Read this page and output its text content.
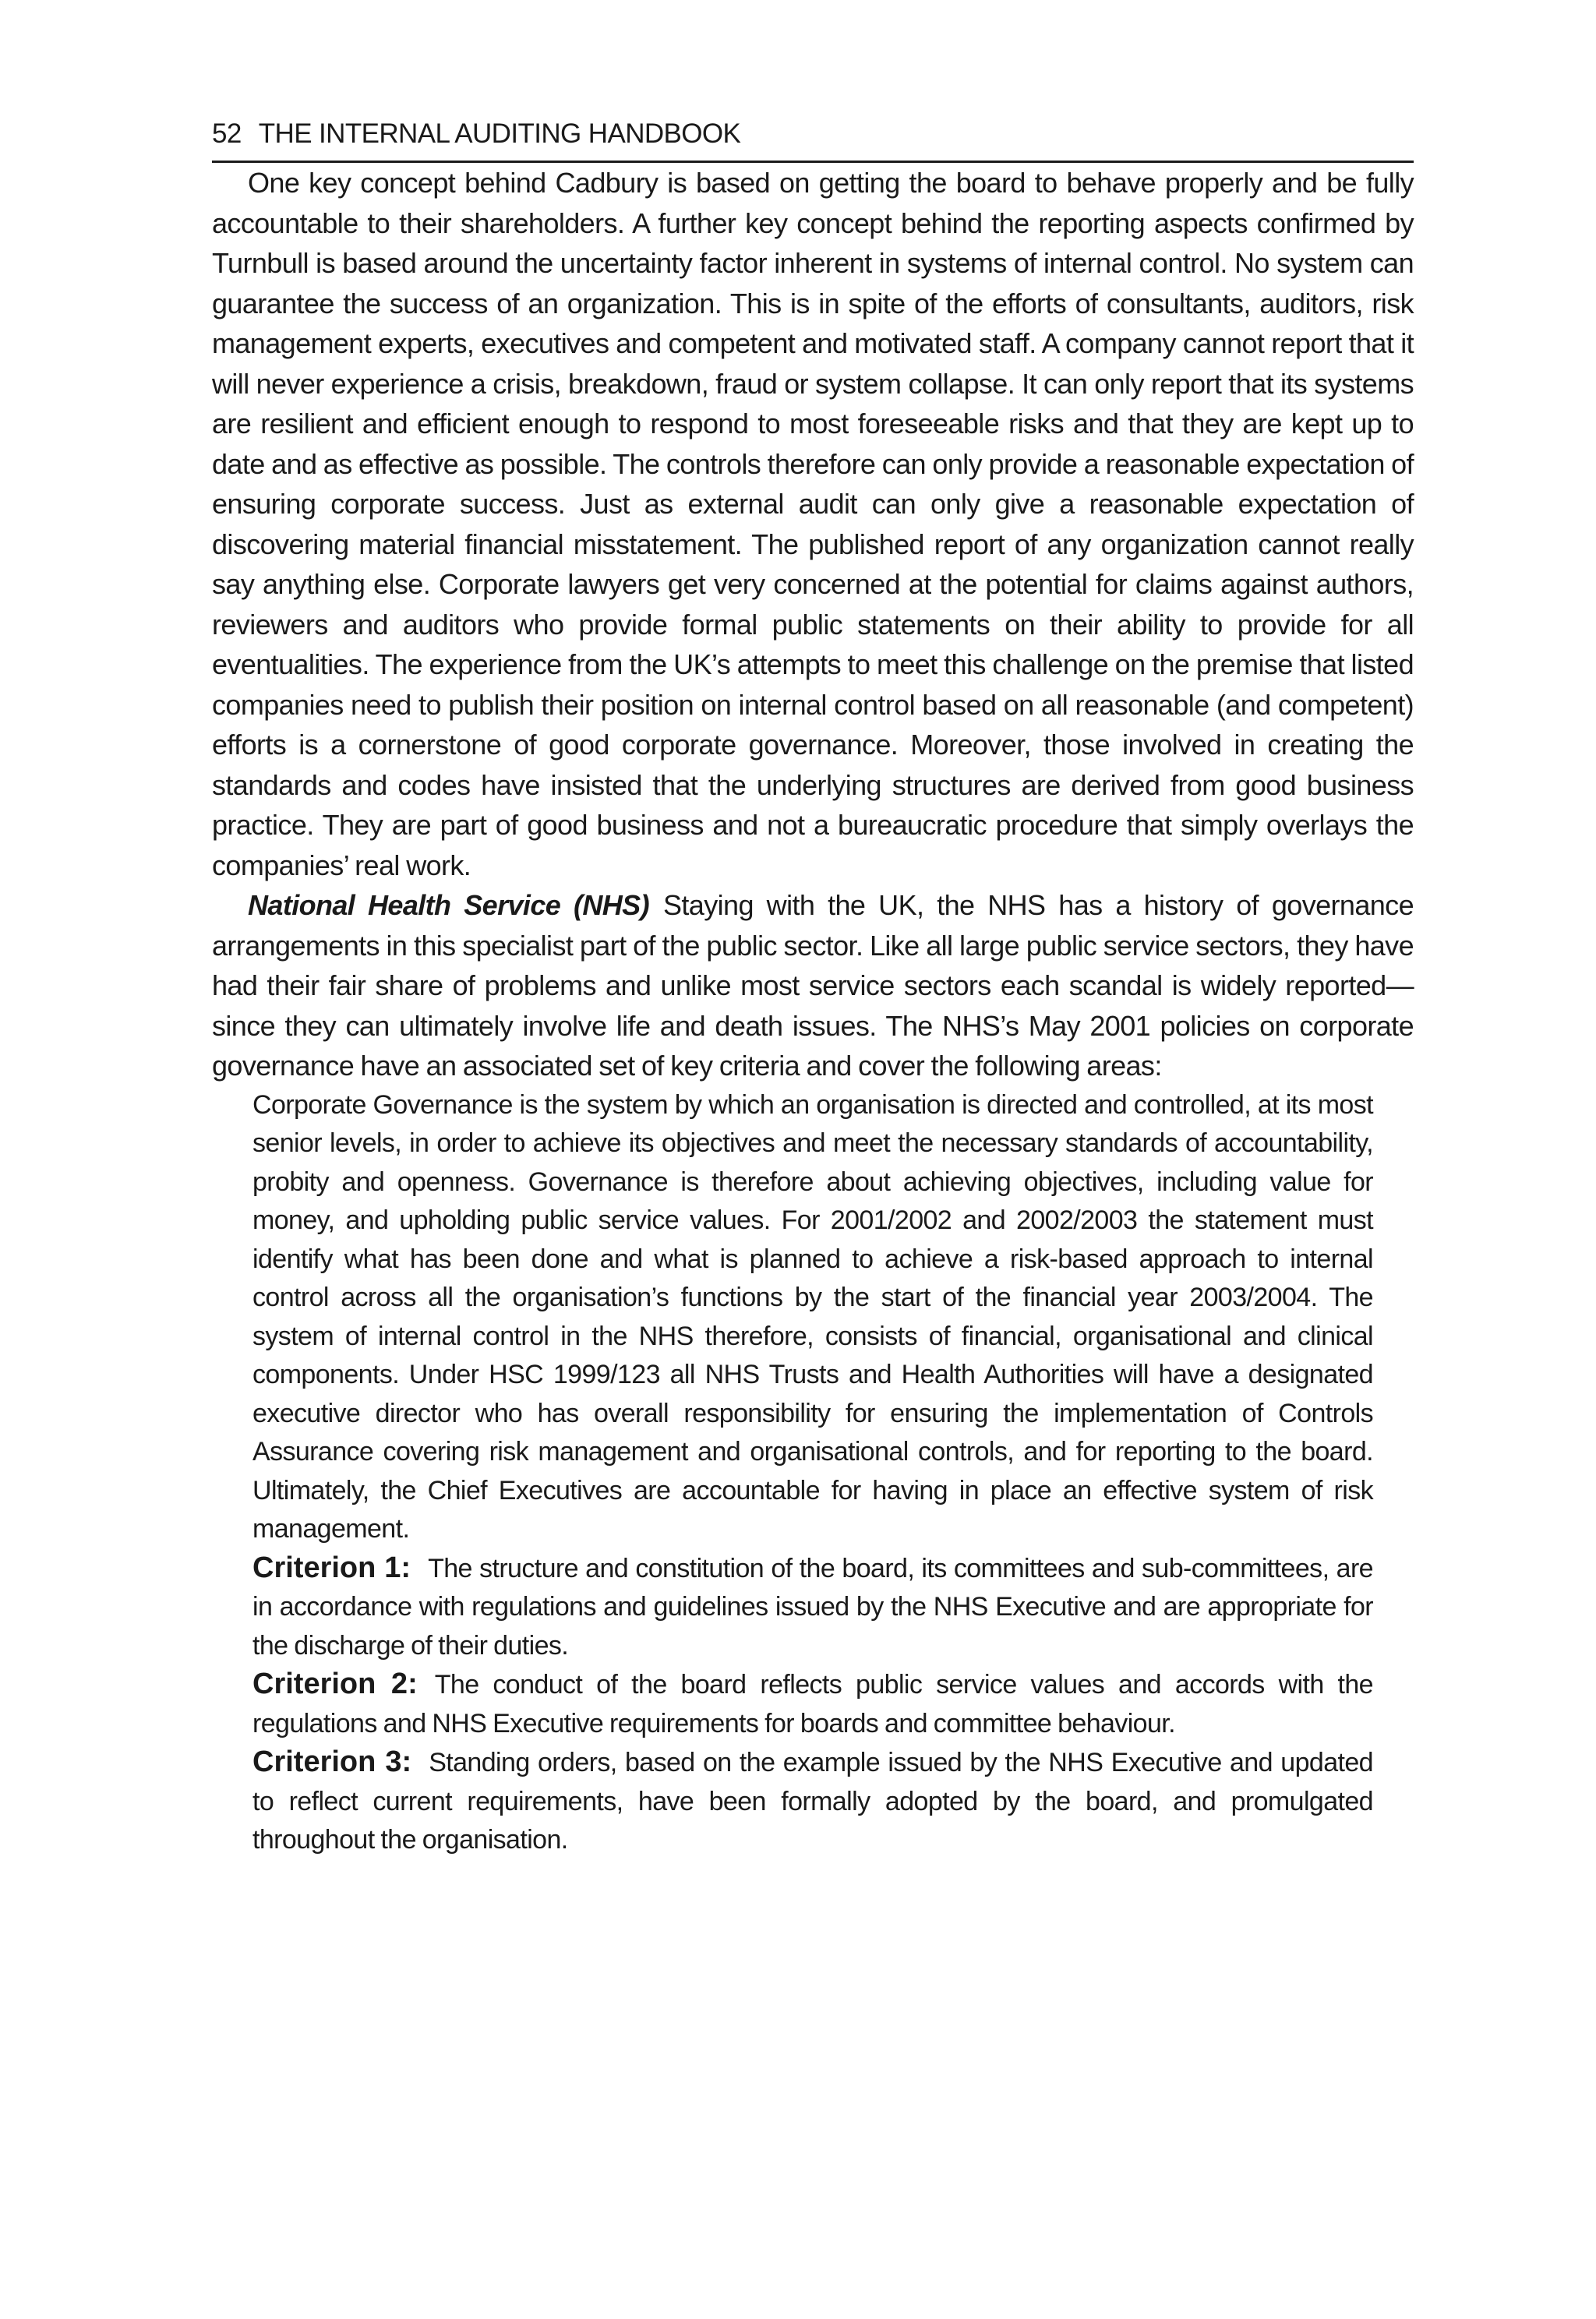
52 THE INTERNAL AUDITING HANDBOOK

One key concept behind Cadbury is based on getting the board to behave properly and be fully accountable to their shareholders. A further key concept behind the reporting aspects confirmed by Turnbull is based around the uncertainty factor inherent in systems of internal control. No system can guarantee the success of an organization. This is in spite of the efforts of consultants, auditors, risk management experts, executives and competent and motivated staff. A company cannot report that it will never experience a crisis, breakdown, fraud or system collapse. It can only report that its systems are resilient and efficient enough to respond to most foreseeable risks and that they are kept up to date and as effective as possible. The controls therefore can only provide a reasonable expectation of ensuring corporate success. Just as external audit can only give a reasonable expectation of discovering material financial misstatement. The published report of any organization cannot really say anything else. Corporate lawyers get very concerned at the potential for claims against authors, reviewers and auditors who provide formal public statements on their ability to provide for all eventualities. The experience from the UK’s attempts to meet this challenge on the premise that listed companies need to publish their position on internal control based on all reasonable (and competent) efforts is a cornerstone of good corporate governance. Moreover, those involved in creating the standards and codes have insisted that the underlying structures are derived from good business practice. They are part of good business and not a bureaucratic procedure that simply overlays the companies’ real work.

National Health Service (NHS) Staying with the UK, the NHS has a history of governance arrangements in this specialist part of the public sector. Like all large public service sectors, they have had their fair share of problems and unlike most service sectors each scandal is widely reported—since they can ultimately involve life and death issues. The NHS’s May 2001 policies on corporate governance have an associated set of key criteria and cover the following areas:

Corporate Governance is the system by which an organisation is directed and controlled, at its most senior levels, in order to achieve its objectives and meet the necessary standards of accountability, probity and openness. Governance is therefore about achieving objectives, including value for money, and upholding public service values. For 2001/2002 and 2002/2003 the statement must identify what has been done and what is planned to achieve a risk-based approach to internal control across all the organisation’s functions by the start of the financial year 2003/2004. The system of internal control in the NHS therefore, consists of financial, organisational and clinical components. Under HSC 1999/123 all NHS Trusts and Health Authorities will have a designated executive director who has overall responsibility for ensuring the implementation of Controls Assurance covering risk management and organisational controls, and for reporting to the board. Ultimately, the Chief Executives are accountable for having in place an effective system of risk management.

Criterion 1: The structure and constitution of the board, its committees and sub-committees, are in accordance with regulations and guidelines issued by the NHS Executive and are appropriate for the discharge of their duties.

Criterion 2: The conduct of the board reflects public service values and accords with the regulations and NHS Executive requirements for boards and committee behaviour.

Criterion 3: Standing orders, based on the example issued by the NHS Executive and updated to reflect current requirements, have been formally adopted by the board, and promulgated throughout the organisation.
